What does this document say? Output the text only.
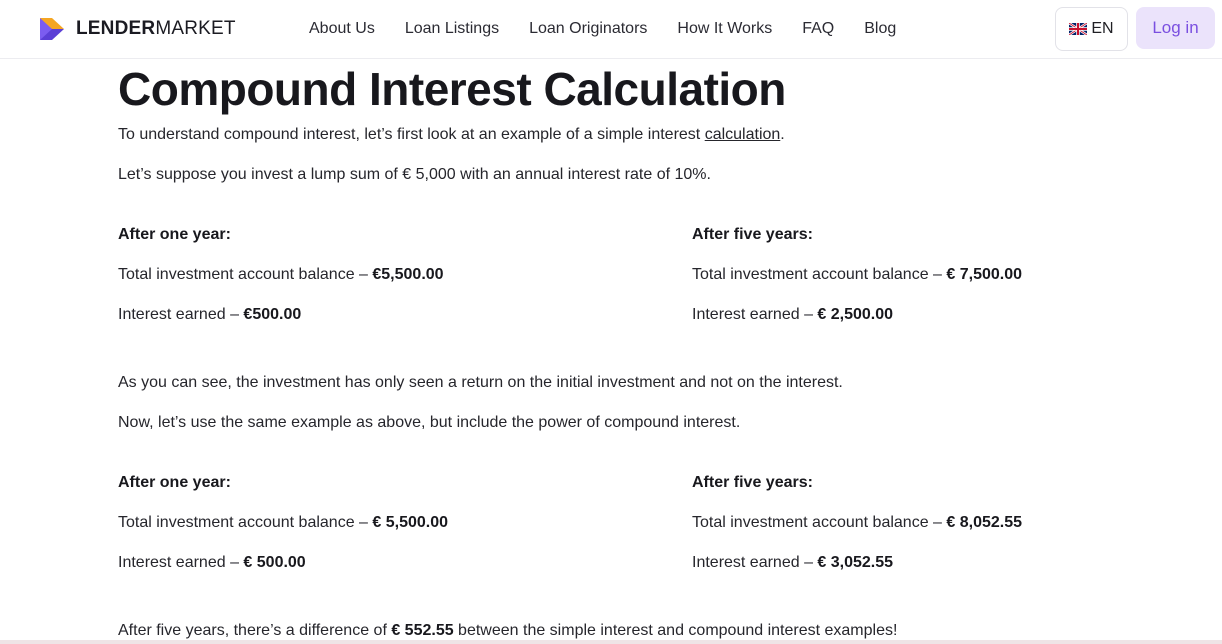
LENDERMARKET	About Us Loan Listings Loan Originators How It Works FAQ Blog	EN	Log in
Compound Interest Calculation

To understand compound interest, let’s first look at an example of a simple interest calculation.

Let’s suppose you invest a lump sum of € 5,000 with an annual interest rate of 10%.

After one year:

Total investment account balance – €5,500.00

Interest earned – €500.00

After five years:

Total investment account balance – € 7,500.00

Interest earned – € 2,500.00

As you can see, the investment has only seen a return on the initial investment and not on the interest.

Now, let’s use the same example as above, but include the power of compound interest.

After one year:

Total investment account balance – € 5,500.00

Interest earned – € 500.00

After five years:

Total investment account balance – € 8,052.55

Interest earned – € 3,052.55

After five years, there’s a difference of € 552.55 between the simple interest and compound interest examples!
